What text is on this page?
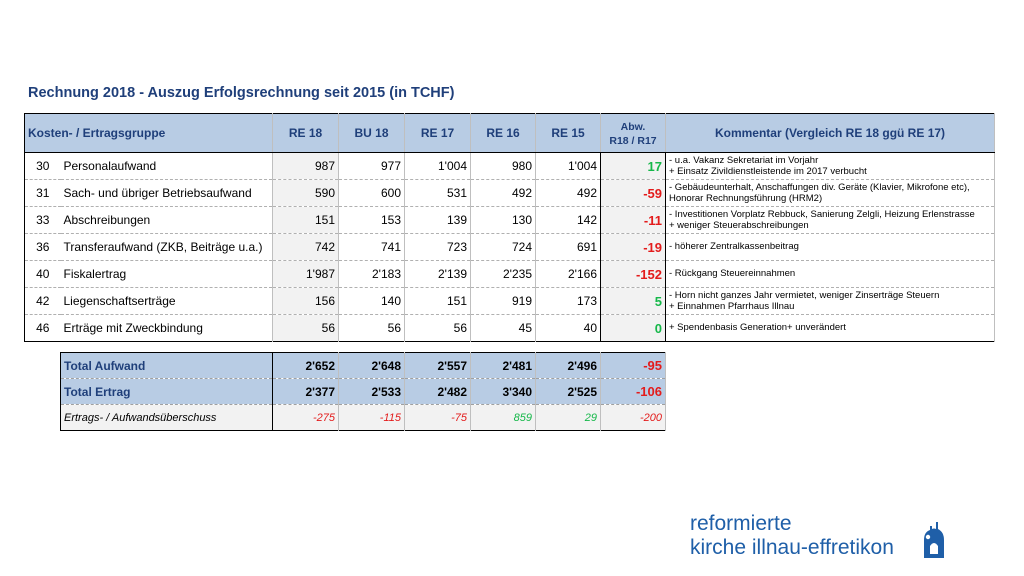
Rechnung 2018 - Auszug Erfolgsrechnung seit 2015 (in TCHF)
Kosten- / Ertragsgruppe		RE 18	BU 18	RE 17	RE 16	RE 15	Abw.
R18 / R17	Kommentar (Vergleich RE 18 ggü RE 17)
30	Personalaufwand	987	977	1'004	980	1'004	17	- u.a. Vakanz Sekretariat im Vorjahr
+ Einsatz Zivildienstleistende im 2017 verbucht
31	Sach- und übriger Betriebsaufwand	590	600	531	492	492	-59	- Gebäudeunterhalt, Anschaffungen div. Geräte (Klavier, Mikrofone etc),
Honorar Rechnungsführung (HRM2)
33	Abschreibungen	151	153	139	130	142	-11	- Investitionen Vorplatz Rebbuck, Sanierung Zelgli, Heizung Erlenstrasse
+ weniger Steuerabschreibungen
36	Transferaufwand (ZKB, Beiträge u.a.)	742	741	723	724	691	-19	- höherer Zentralkassenbeitrag
40	Fiskalertrag	1'987	2'183	2'139	2'235	2'166	-152	- Rückgang Steuereinnahmen
42	Liegenschaftserträge	156	140	151	919	173	5	- Horn nicht ganzes Jahr vermietet, weniger Zinserträge Steuern
+ Einnahmen Pfarrhaus Illnau
46	Erträge mit Zweckbindung	56	56	56	45	40	0	+ Spendenbasis Generation+ unverändert
Total Aufwand	2'652	2'648	2'557	2'481	2'496	-95
Total Ertrag	2'377	2'533	2'482	3'340	2'525	-106
Ertrags- / Aufwandsüberschuss	-275	-115	-75	859	29	-200
reformierte
kirche illnau-effretikon
